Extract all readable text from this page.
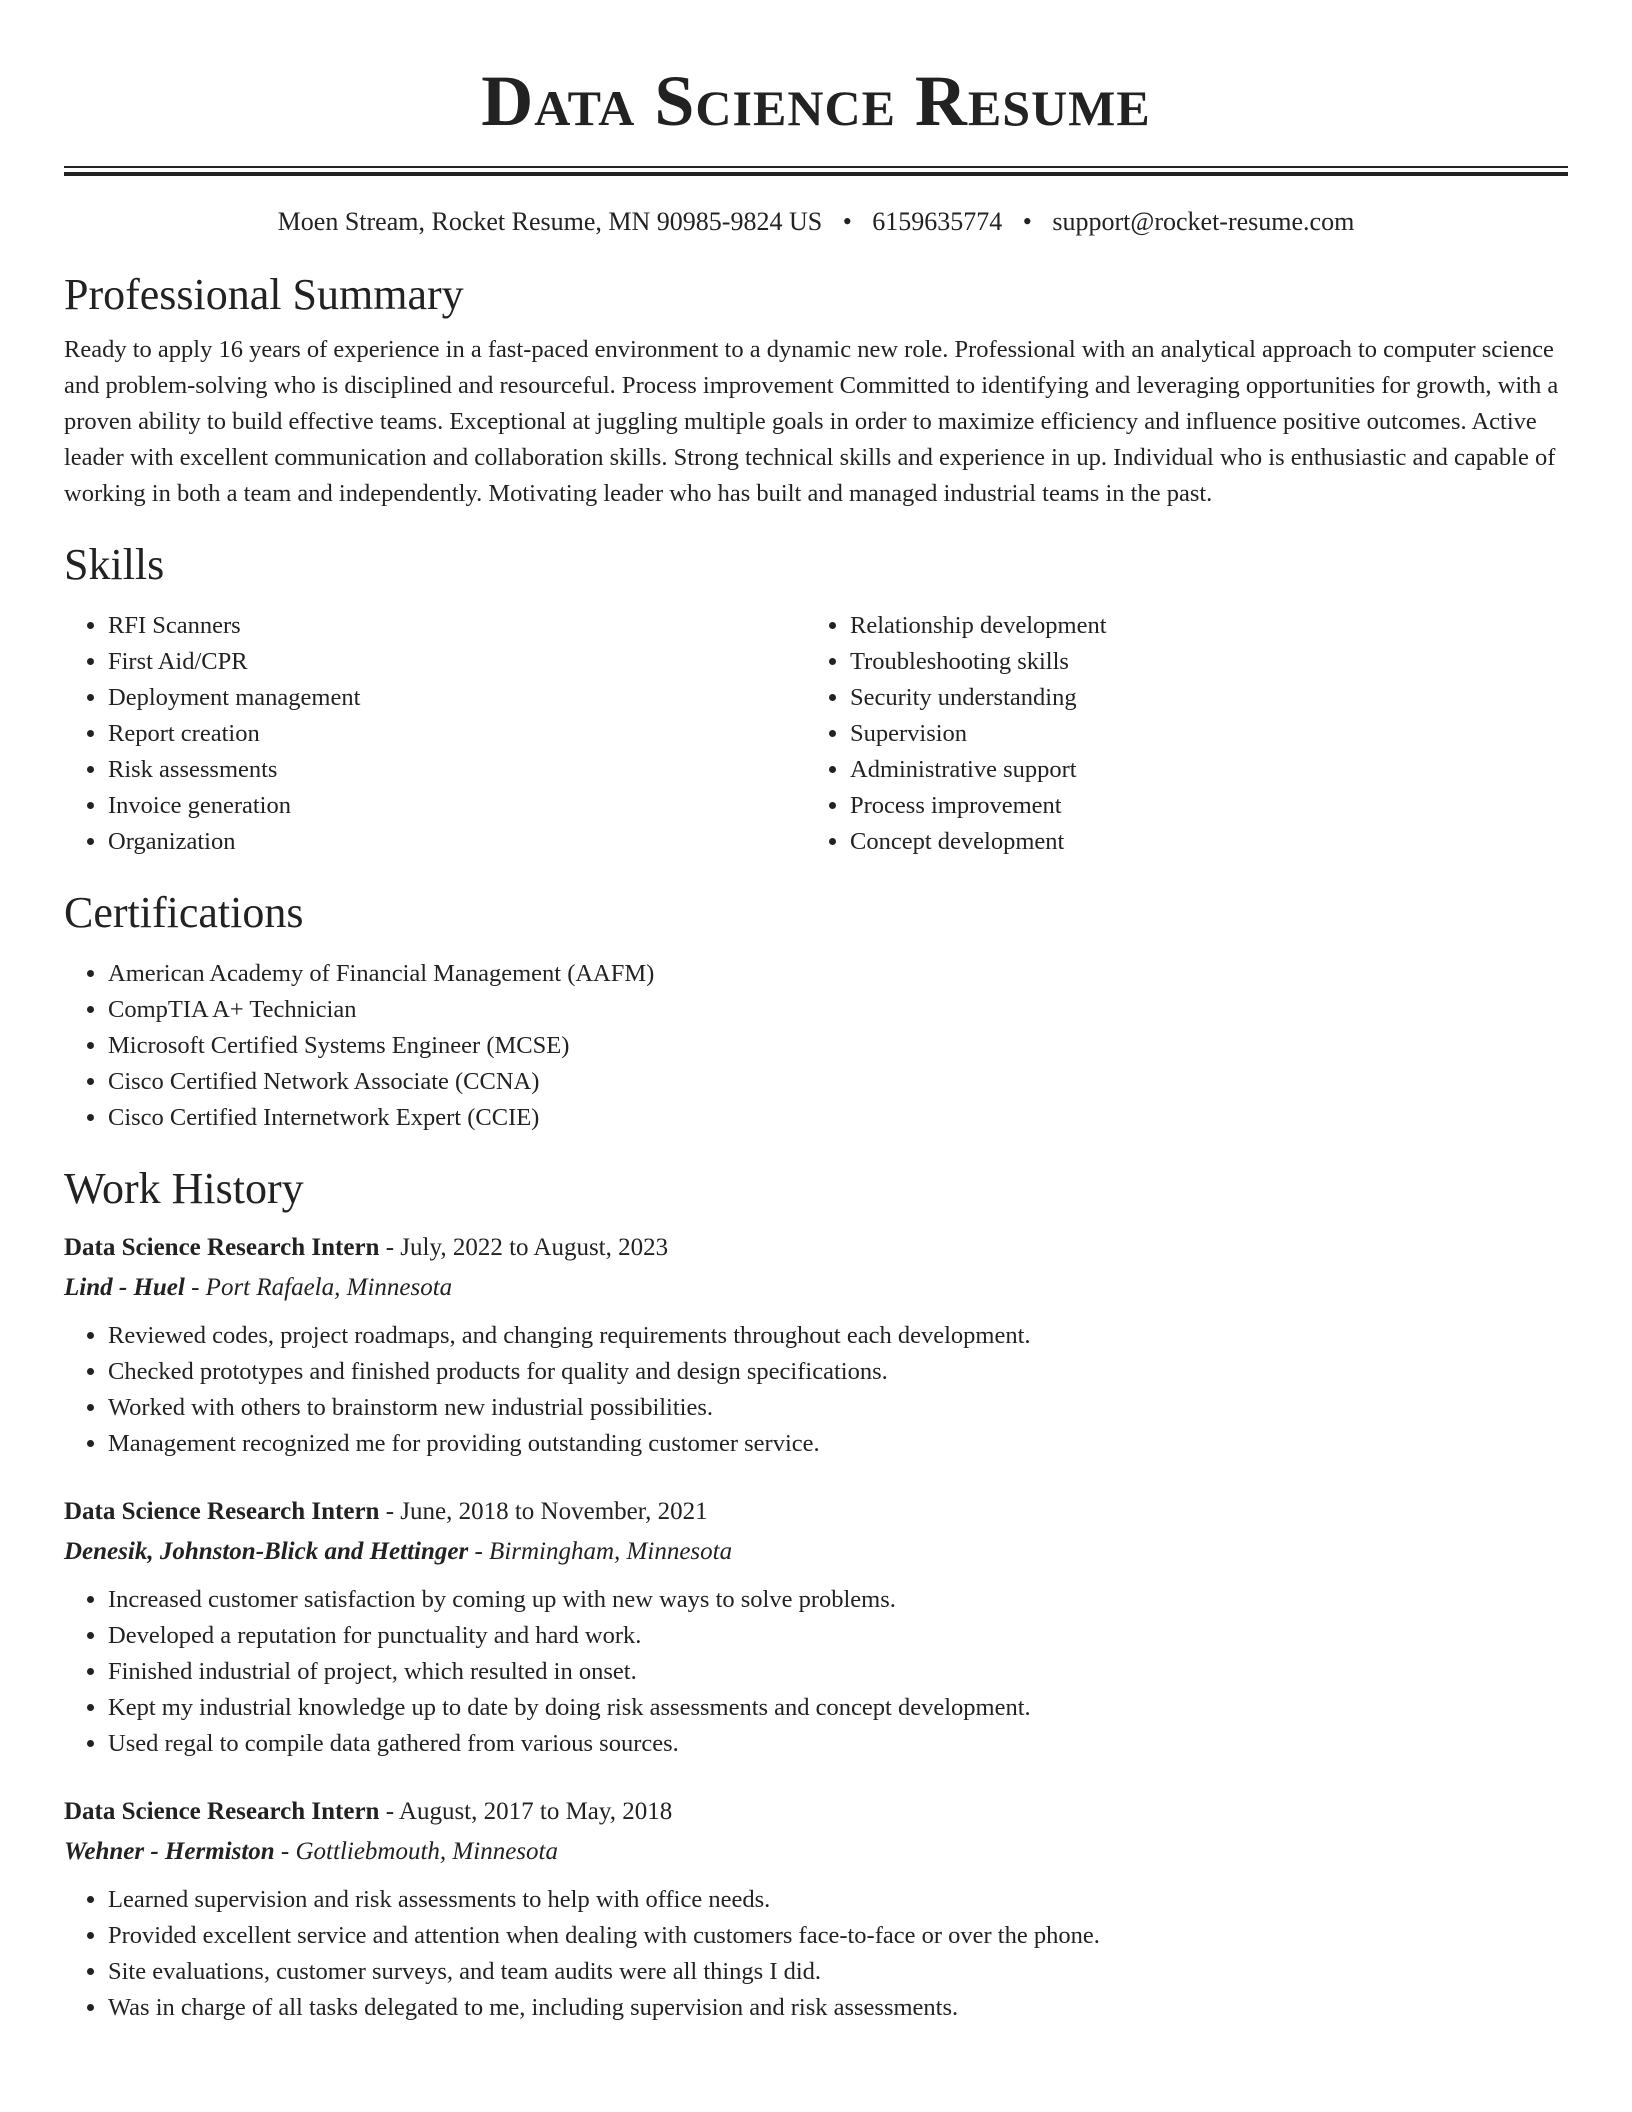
Data Science Resume
Moen Stream, Rocket Resume, MN 90985-9824 US • 6159635774 • support@rocket-resume.com
Professional Summary

Ready to apply 16 years of experience in a fast-paced environment to a dynamic new role. Professional with an analytical approach to computer science and problem-solving who is disciplined and resourceful. Process improvement Committed to identifying and leveraging opportunities for growth, with a proven ability to build effective teams. Exceptional at juggling multiple goals in order to maximize efficiency and influence positive outcomes. Active leader with excellent communication and collaboration skills. Strong technical skills and experience in up. Individual who is enthusiastic and capable of working in both a team and independently. Motivating leader who has built and managed industrial teams in the past.

Skills
• RFI Scanners
• First Aid/CPR
• Deployment management
• Report creation
• Risk assessments
• Invoice generation
• Organization
• Relationship development
• Troubleshooting skills
• Security understanding
• Supervision
• Administrative support
• Process improvement
• Concept development
Certifications
• American Academy of Financial Management (AAFM)
• CompTIA A+ Technician
• Microsoft Certified Systems Engineer (MCSE)
• Cisco Certified Network Associate (CCNA)
• Cisco Certified Internetwork Expert (CCIE)
Work History
Data Science Research Intern - July, 2022 to August, 2023
Lind - Huel - Port Rafaela, Minnesota
• Reviewed codes, project roadmaps, and changing requirements throughout each development.
• Checked prototypes and finished products for quality and design specifications.
• Worked with others to brainstorm new industrial possibilities.
• Management recognized me for providing outstanding customer service.
Data Science Research Intern - June, 2018 to November, 2021
Denesik, Johnston-Blick and Hettinger - Birmingham, Minnesota
• Increased customer satisfaction by coming up with new ways to solve problems.
• Developed a reputation for punctuality and hard work.
• Finished industrial of project, which resulted in onset.
• Kept my industrial knowledge up to date by doing risk assessments and concept development.
• Used regal to compile data gathered from various sources.
Data Science Research Intern - August, 2017 to May, 2018
Wehner - Hermiston - Gottliebmouth, Minnesota
• Learned supervision and risk assessments to help with office needs.
• Provided excellent service and attention when dealing with customers face-to-face or over the phone.
• Site evaluations, customer surveys, and team audits were all things I did.
• Was in charge of all tasks delegated to me, including supervision and risk assessments.
